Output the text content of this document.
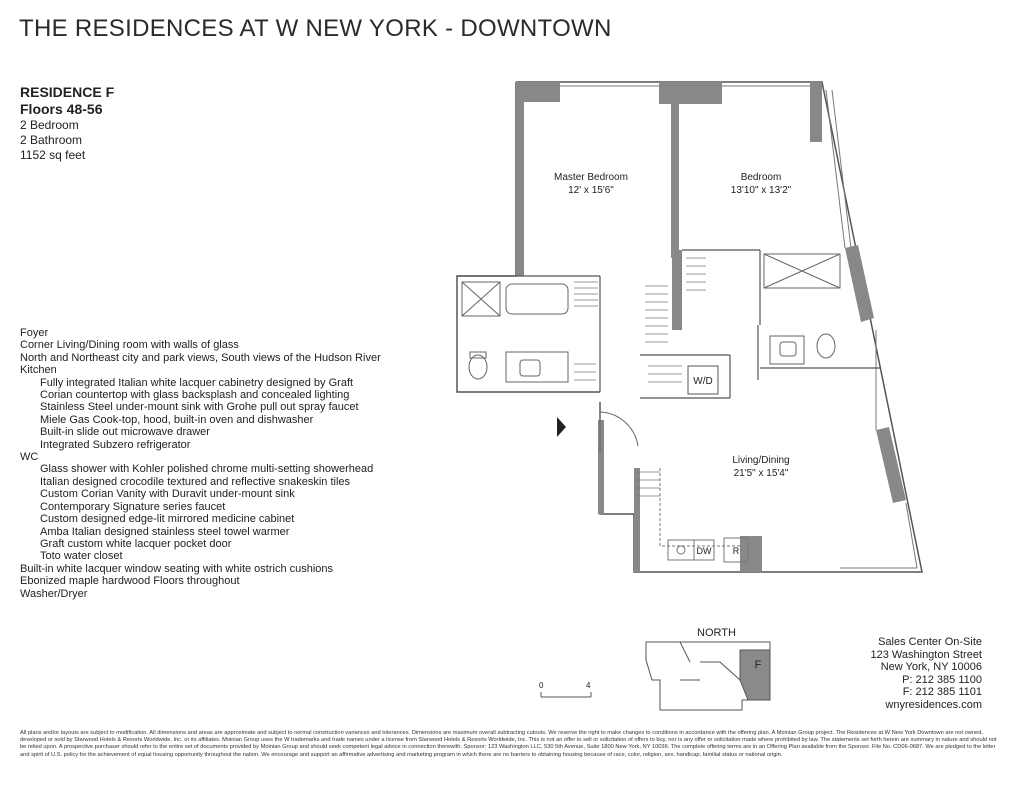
THE RESIDENCES AT W NEW YORK - DOWNTOWN
RESIDENCE F
Floors 48-56
2 Bedroom
2 Bathroom
1152 sq feet
Foyer
Corner Living/Dining room with walls of glass
North and Northeast city and park views, South views of the Hudson River
Kitchen
Fully integrated Italian white lacquer cabinetry designed by Graft
Corian countertop with glass backsplash and concealed lighting
Stainless Steel under-mount sink with Grohe pull out spray faucet
Miele Gas Cook-top, hood, built-in oven and dishwasher
Built-in slide out microwave drawer
Integrated Subzero refrigerator
WC
Glass shower with Kohler polished chrome multi-setting showerhead
Italian designed crocodile textured and reflective snakeskin tiles
Custom Corian Vanity with Duravit under-mount sink
Contemporary Signature series faucet
Custom designed edge-lit mirrored medicine cabinet
Amba Italian designed stainless steel towel warmer
Graft custom white lacquer pocket door
Toto water closet
Built-in white lacquer window seating with white ostrich cushions
Ebonized maple hardwood Floors throughout
Washer/Dryer
Master Bedroom
12' x 15'6"
Bedroom
13'10" x 13'2"
Living/Dining
21'5" x 15'4"
W/D
DW R
F
NORTH
0	4
Sales Center On-Site
123 Washington Street
New York, NY 10006
P: 212 385 1100
F: 212 385 1101
wnyresidences.com
All plans and/or layouts are subject to modification. All dimensions and areas are approximate and subject to normal construction variances and tolerances. Dimensions are maximum overall subtracting cutouts. We reserve the right to make changes to conditions in accordance with the offering plan. A Moinian Group project. The Residences at W New York Downtown are not owned, developed or sold by Starwood Hotels & Resorts Worldwide, Inc. or its affiliates. Moinian Group uses the W trademarks and trade names under a license from Starwood Hotels & Resorts Worldwide, Inc. This is not an offer to sell or solicitation of offers to buy, nor is any offer or solicitation made where prohibited by law. The statements set forth herein are summary in nature and should not be relied upon. A prospective purchaser should refer to the entire set of documents provided by Moinian Group and should seek competent legal advice in connection therewith. Sponsor: 123 Washington LLC, 530 5th Avenue, Suite 1800 New York, NY 10036. The complete offering terms are in an Offering Plan available from the Sponsor. File No. CD06-0687. We are pledged to the letter and spirit of U.S. policy for the achievement of equal housing opportunity throughout the nation. We encourage and support an affirmative advertising and marketing program in which there are no barriers to obtaining housing because of race, color, religion, sex, handicap, familial status or national origin.
